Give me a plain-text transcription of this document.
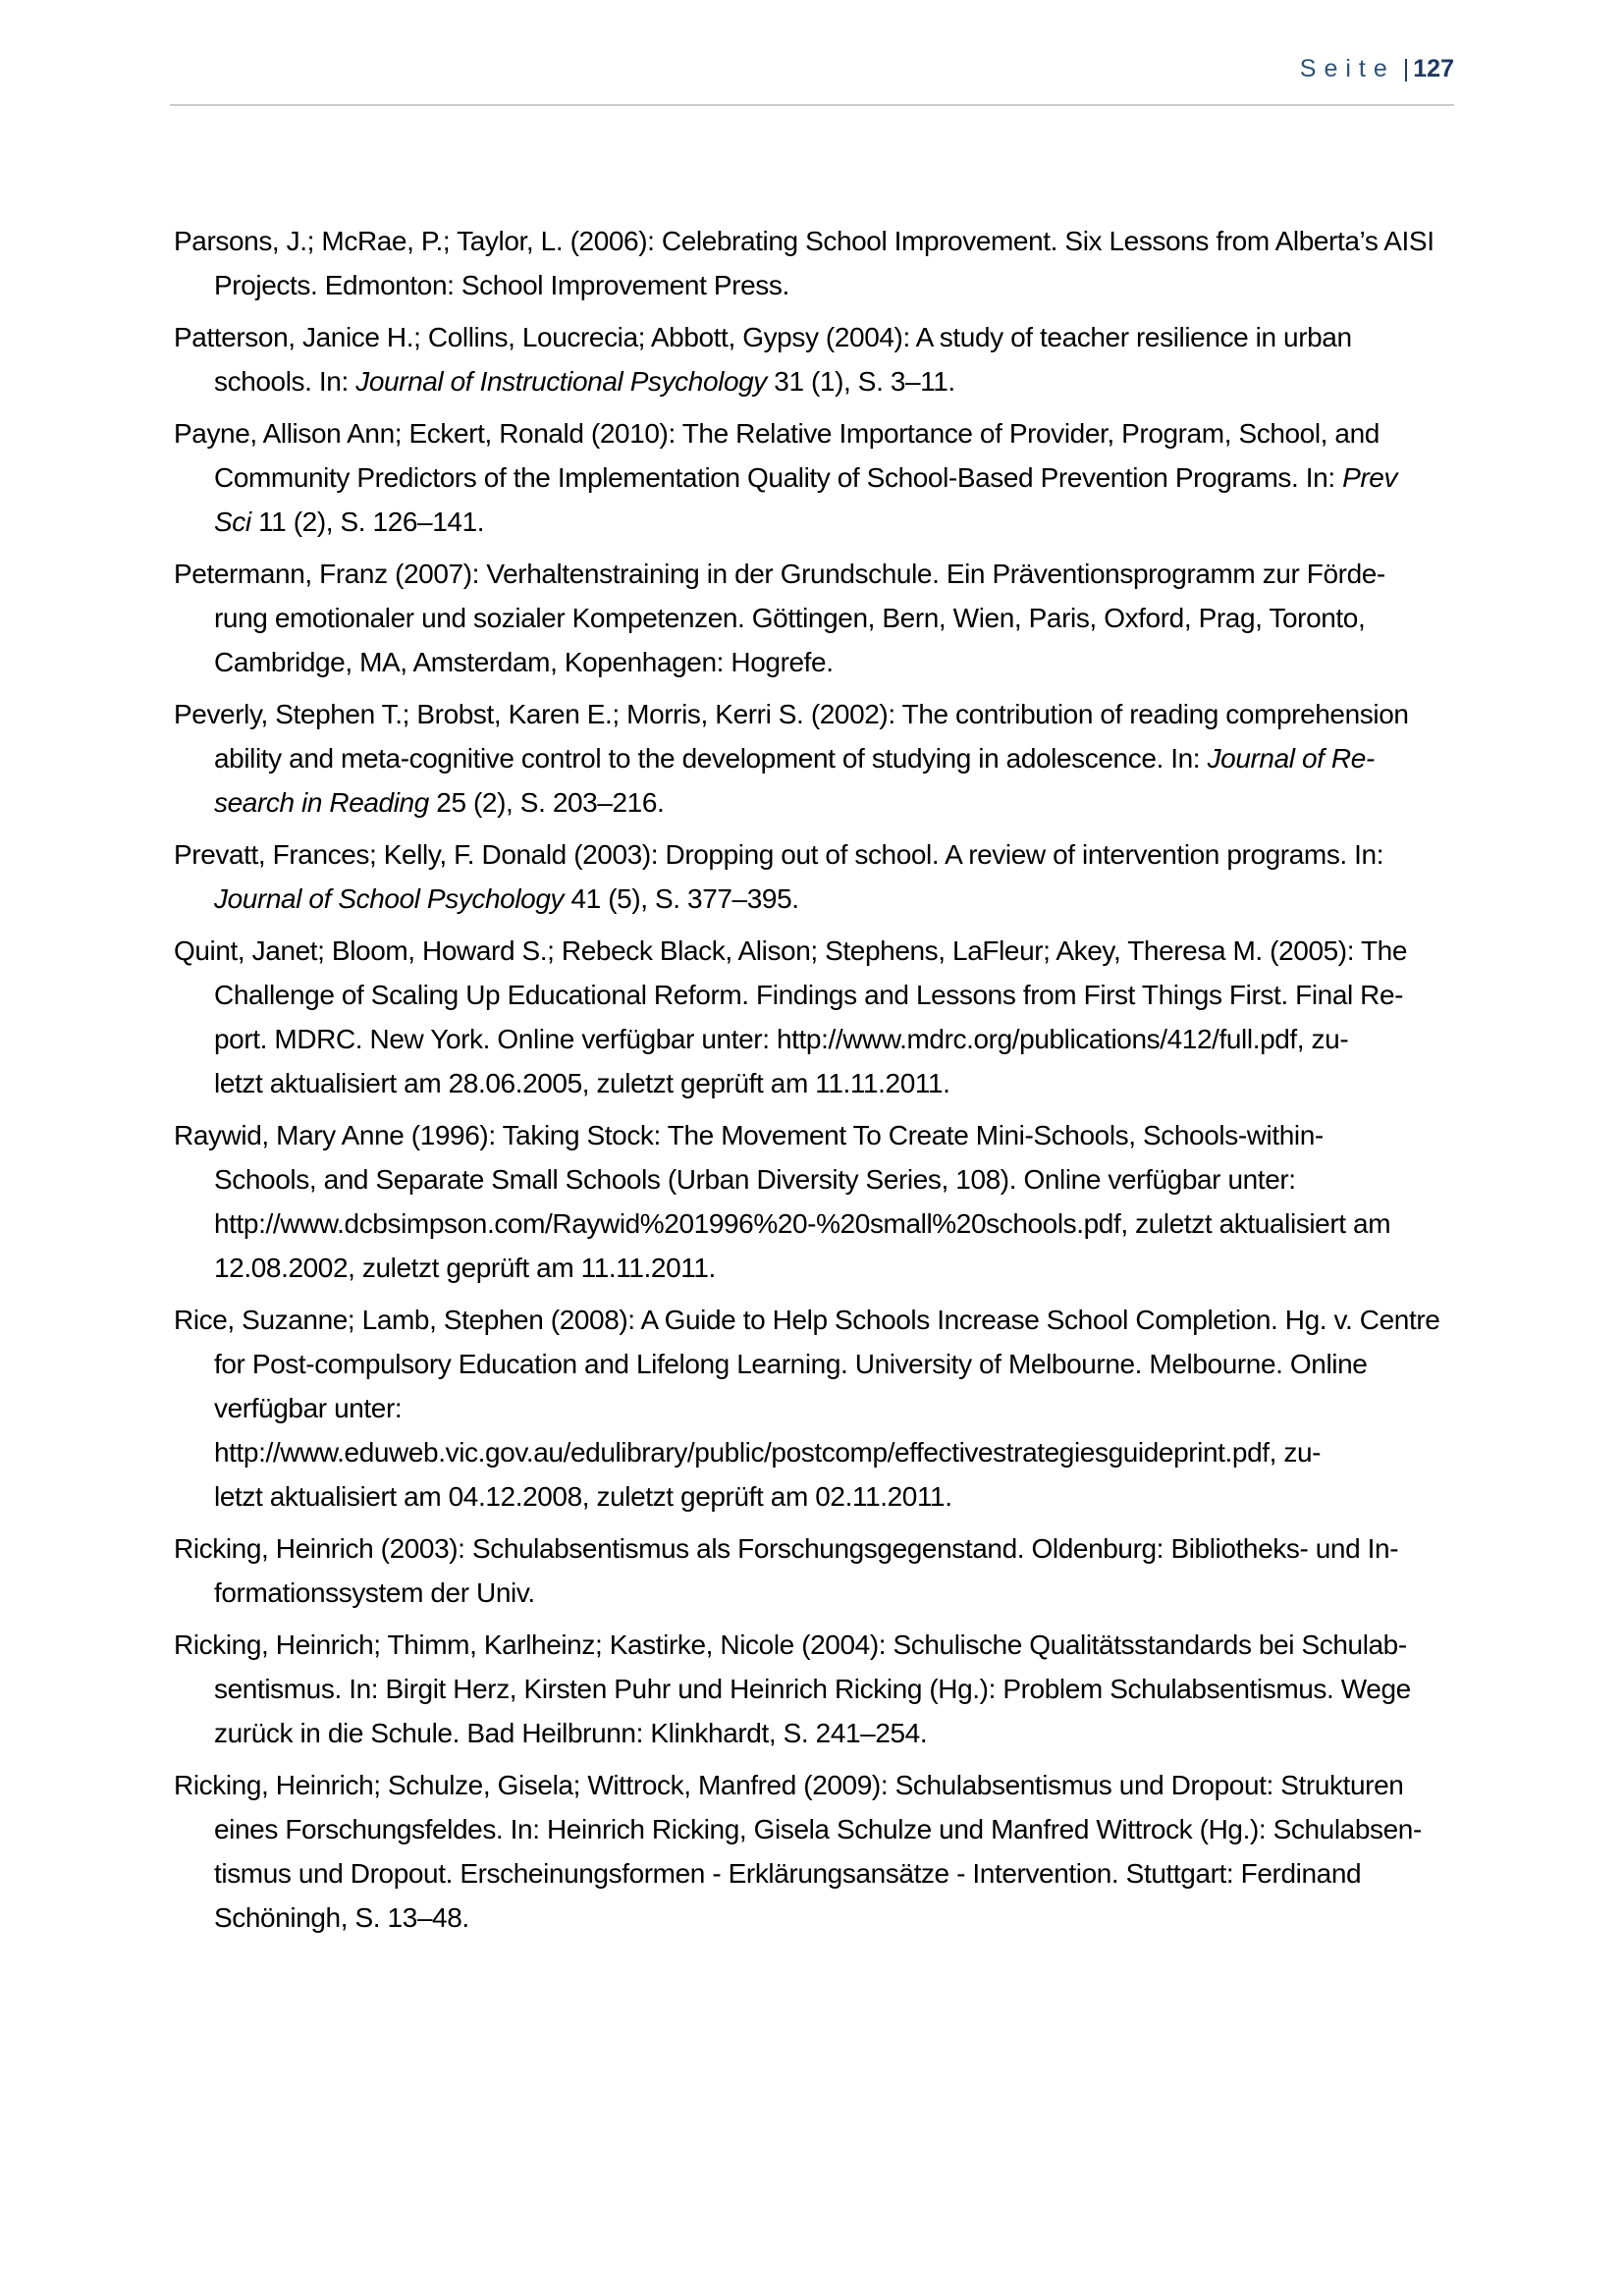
Seite | 127
Parsons, J.; McRae, P.; Taylor, L. (2006): Celebrating School Improvement. Six Lessons from Alberta’s AISI
Projects. Edmonton: School Improvement Press.
Patterson, Janice H.; Collins, Loucrecia; Abbott, Gypsy (2004): A study of teacher resilience in urban
schools. In: Journal of Instructional Psychology 31 (1), S. 3–11.
Payne, Allison Ann; Eckert, Ronald (2010): The Relative Importance of Provider, Program, School, and
Community Predictors of the Implementation Quality of School-Based Prevention Programs. In: Prev
Sci 11 (2), S. 126–141.
Petermann, Franz (2007): Verhaltenstraining in der Grundschule. Ein Präventionsprogramm zur Förde-
rung emotionaler und sozialer Kompetenzen. Göttingen, Bern, Wien, Paris, Oxford, Prag, Toronto,
Cambridge, MA, Amsterdam, Kopenhagen: Hogrefe.
Peverly, Stephen T.; Brobst, Karen E.; Morris, Kerri S. (2002): The contribution of reading comprehension
ability and meta-cognitive control to the development of studying in adolescence. In: Journal of Re-
search in Reading 25 (2), S. 203–216.
Prevatt, Frances; Kelly, F. Donald (2003): Dropping out of school. A review of intervention programs. In:
Journal of School Psychology 41 (5), S. 377–395.
Quint, Janet; Bloom, Howard S.; Rebeck Black, Alison; Stephens, LaFleur; Akey, Theresa M. (2005): The
Challenge of Scaling Up Educational Reform. Findings and Lessons from First Things First. Final Re-
port. MDRC. New York. Online verfügbar unter: http://www.mdrc.org/publications/412/full.pdf, zu-
letzt aktualisiert am 28.06.2005, zuletzt geprüft am 11.11.2011.
Raywid, Mary Anne (1996): Taking Stock: The Movement To Create Mini-Schools, Schools-within-
Schools, and Separate Small Schools (Urban Diversity Series, 108). Online verfügbar unter:
http://www.dcbsimpson.com/Raywid%201996%20-%20small%20schools.pdf, zuletzt aktualisiert am
12.08.2002, zuletzt geprüft am 11.11.2011.
Rice, Suzanne; Lamb, Stephen (2008): A Guide to Help Schools Increase School Completion. Hg. v. Centre
for Post-compulsory Education and Lifelong Learning. University of Melbourne. Melbourne. Online
verfügbar unter:
http://www.eduweb.vic.gov.au/edulibrary/public/postcomp/effectivestrategiesguideprint.pdf, zu-
letzt aktualisiert am 04.12.2008, zuletzt geprüft am 02.11.2011.
Ricking, Heinrich (2003): Schulabsentismus als Forschungsgegenstand. Oldenburg: Bibliotheks- und In-
formationssystem der Univ.
Ricking, Heinrich; Thimm, Karlheinz; Kastirke, Nicole (2004): Schulische Qualitätsstandards bei Schulab-
sentismus. In: Birgit Herz, Kirsten Puhr und Heinrich Ricking (Hg.): Problem Schulabsentismus. Wege
zurück in die Schule. Bad Heilbrunn: Klinkhardt, S. 241–254.
Ricking, Heinrich; Schulze, Gisela; Wittrock, Manfred (2009): Schulabsentismus und Dropout: Strukturen
eines Forschungsfeldes. In: Heinrich Ricking, Gisela Schulze und Manfred Wittrock (Hg.): Schulabsen-
tismus und Dropout. Erscheinungsformen - Erklärungsansätze - Intervention. Stuttgart: Ferdinand
Schöningh, S. 13–48.
